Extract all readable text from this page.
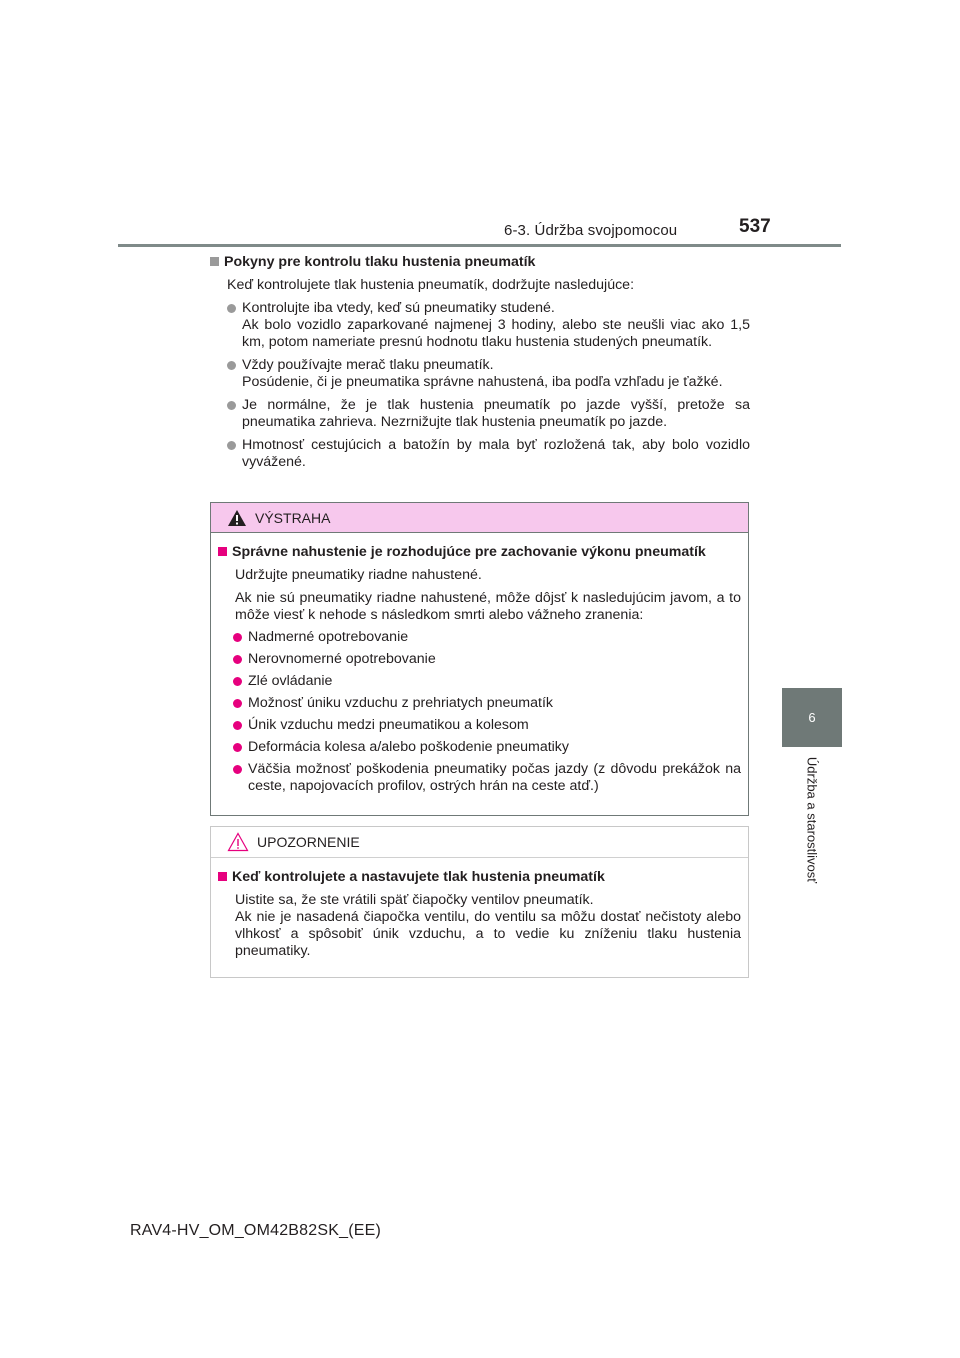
6-3. Údržba svojpomocou	537
6
Údržba a starostlivosť
Pokyny pre kontrolu tlaku hustenia pneumatík

Keď kontrolujete tlak hustenia pneumatík, dodržujte nasledujúce:

Kontrolujte iba vtedy, keď sú pneumatiky studené.

Ak bolo vozidlo zaparkované najmenej 3 hodiny, alebo ste neušli viac ako 1,5 km, potom nameriate presnú hodnotu tlaku hustenia studených pneumatík.

Vždy používajte merač tlaku pneumatík.

Posúdenie, či je pneumatika správne nahustená, iba podľa vzhľadu je ťažké.

Je normálne, že je tlak hustenia pneumatík po jazde vyšší, pretože sa pneumatika zahrieva. Nezrnižujte tlak hustenia pneumatík po jazde.

Hmotnosť cestujúcich a batožín by mala byť rozložená tak, aby bolo vozidlo vyvážené.

VÝSTRAHA
Správne nahustenie je rozhodujúce pre zachovanie výkonu pneumatík

Udržujte pneumatiky riadne nahustené.

Ak nie sú pneumatiky riadne nahustené, môže dôjsť k nasledujúcim javom, a to môže viesť k nehode s následkom smrti alebo vážneho zranenia:

Nadmerné opotrebovanie
Nerovnomerné opotrebovanie
Zlé ovládanie
Možnosť úniku vzduchu z prehriatych pneumatík
Únik vzduchu medzi pneumatikou a kolesom
Deformácia kolesa a/alebo poškodenie pneumatiky
Väčšia možnosť poškodenia pneumatiky počas jazdy (z dôvodu prekážok na ceste, napojovacích profilov, ostrých hrán na ceste atď.)
UPOZORNENIE
Keď kontrolujete a nastavujete tlak hustenia pneumatík

Uistite sa, že ste vrátili späť čiapočky ventilov pneumatík.

Ak nie je nasadená čiapočka ventilu, do ventilu sa môžu dostať nečistoty alebo vlhkosť a spôsobiť únik vzduchu, a to vedie ku zníženiu tlaku hustenia pneumatiky.

RAV4-HV_OM_OM42B82SK_(EE)
